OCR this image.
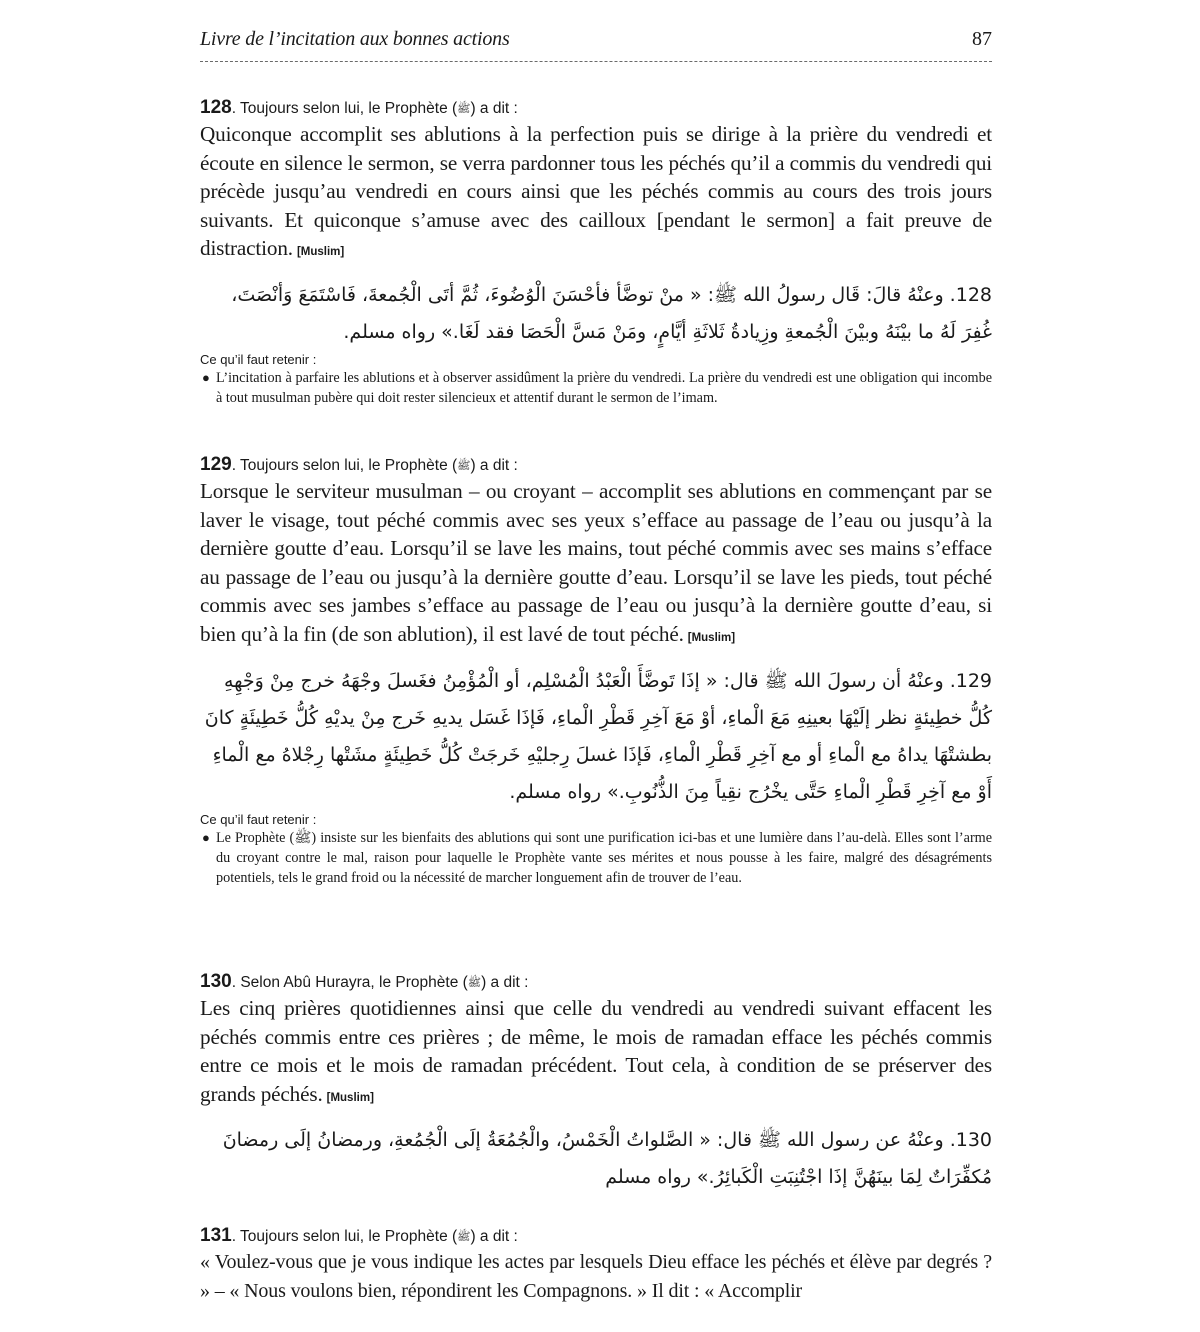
Livre de l’incitation aux bonnes actions	87
128. Toujours selon lui, le Prophète (ﷺ) a dit :
Quiconque accomplit ses ablutions à la perfection puis se dirige à la prière du vendredi et écoute en silence le sermon, se verra pardonner tous les péchés qu’il a commis du vendredi qui précède jusqu’au vendredi en cours ainsi que les péchés commis au cours des trois jours suivants. Et quiconque s’amuse avec des cailloux [pendant le sermon] a fait preuve de distraction. [Muslim]
128. وعنْهُ قالَ: قَال رسولُ الله ﷺ: « منْ توضَّأ فأحْسَنَ الْوُضُوءَ، ثُمَّ أتَى الْجُمعةَ، فَاسْتَمَعَ وَأنْصَتَ، غُفِرَ لَهُ ما بيْنَهُ وبيْنَ الْجُمعةِ وزِيادةُ ثَلاثَةِ أيَّامٍ، ومَنْ مَسَّ الْحَصَا فقد لَغَا.» رواه مسلم.
Ce qu’il faut retenir :
● L’incitation à parfaire les ablutions et à observer assidûment la prière du vendredi. La prière du vendredi est une obligation qui incombe à tout musulman pubère qui doit rester silencieux et attentif durant le sermon de l’imam.
129. Toujours selon lui, le Prophète (ﷺ) a dit :
Lorsque le serviteur musulman – ou croyant – accomplit ses ablutions en commençant par se laver le visage, tout péché commis avec ses yeux s’efface au passage de l’eau ou jusqu’à la dernière goutte d’eau. Lorsqu’il se lave les mains, tout péché commis avec ses mains s’efface au passage de l’eau ou jusqu’à la dernière goutte d’eau. Lorsqu’il se lave les pieds, tout péché commis avec ses jambes s’efface au passage de l’eau ou jusqu’à la dernière goutte d’eau, si bien qu’à la fin (de son ablution), il est lavé de tout péché. [Muslim]
129. وعنْهُ أن رسولَ الله ﷺ قال: « إذَا تَوضَّأَ الْعَبْدُ الْمُسْلِم، أو الْمُؤْمِنُ فغَسلَ وجْهَهُ خرج مِنْ وَجْهِهِ كُلُّ خطِيئةٍ نظر إلَيْهَا بعينِهِ مَعَ الْماءِ، أوْ مَعَ آخِرِ قَطْرِ الْماءِ، فَإذَا غَسَل يديهِ خَرج مِنْ يديْهِ كُلُّ خَطِيئَةٍ كانَ بطشتْهَا يداهُ مع الْماءِ أو مع آخِرِ قَطْرِ الْماءِ، فَإذَا غسلَ رِجليْهِ خَرجَتْ كُلُّ خَطِيئَةٍ مشَتْها رِجْلاهُ مع الْماءِ أَوْ مع آخِرِ قَطْرِ الْماءِ حَتَّى يخْرُج نقِياً مِنَ الذُّنُوبِ.» رواه مسلم.
Ce qu’il faut retenir :
● Le Prophète (ﷺ) insiste sur les bienfaits des ablutions qui sont une purification ici-bas et une lumière dans l’au-delà. Elles sont l’arme du croyant contre le mal, raison pour laquelle le Prophète vante ses mérites et nous pousse à les faire, malgré des désagréments potentiels, tels le grand froid ou la nécessité de marcher longuement afin de trouver de l’eau.
130. Selon Abû Hurayra, le Prophète (ﷺ) a dit :
Les cinq prières quotidiennes ainsi que celle du vendredi au vendredi suivant effacent les péchés commis entre ces prières ; de même, le mois de ramadan efface les péchés commis entre ce mois et le mois de ramadan précédent. Tout cela, à condition de se préserver des grands péchés. [Muslim]
130. وعنْهُ عن رسول الله ﷺ قال: « الصَّلواتُ الْخَمْسُ، والْجُمُعَةُ إلَى الْجُمُعةِ، ورمضانُ إلَى رمضانَ مُكفِّرَاتٌ لِمَا بينَهُنَّ إذَا اجْتُنِبَتِ الْكَبائِرُ.» رواه مسلم
131. Toujours selon lui, le Prophète (ﷺ) a dit :
« Voulez-vous que je vous indique les actes par lesquels Dieu efface les péchés et élève par degrés ? » – « Nous voulons bien, répondirent les Compagnons. » Il dit : « Accomplir
